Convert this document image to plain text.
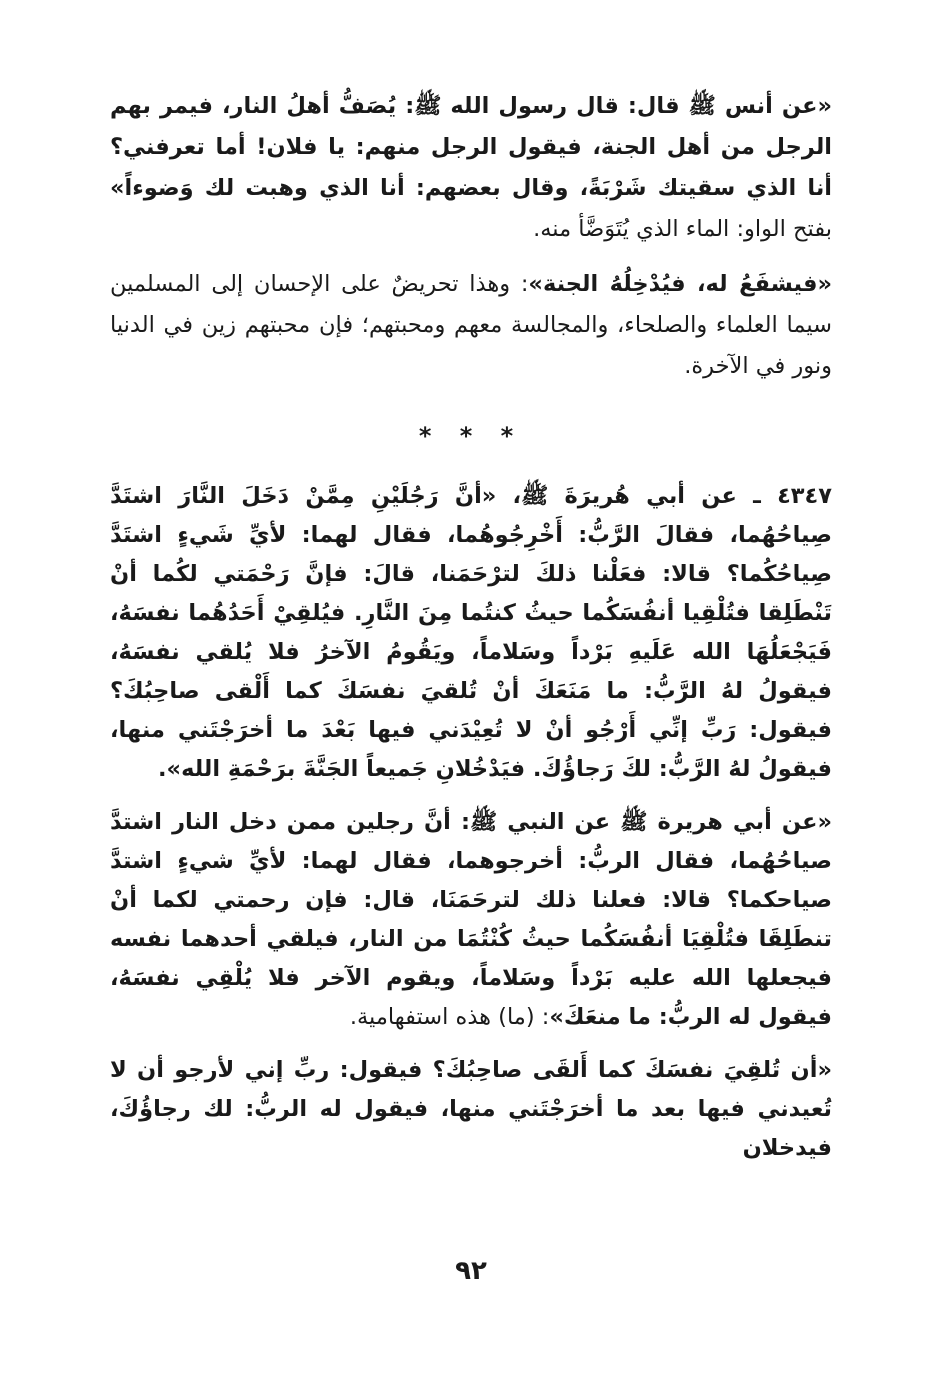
«عن أنس ﷺ قال: قال رسول الله ﷺ: يُصَفُّ أهلُ النار، فيمر بهم الرجل من أهل الجنة، فيقول الرجل منهم: يا فلان! أما تعرفني؟ أنا الذي سقيتك شَرْبَةً، وقال بعضهم: أنا الذي وهبت لك وَضوءاً» بفتح الواو: الماء الذي يُتَوَضَّأ منه.

«فيشفَعُ له، فيُدْخِلُهُ الجنة»: وهذا تحريضٌ على الإحسان إلى المسلمين سيما العلماء والصلحاء، والمجالسة معهم ومحبتهم؛ فإن محبتهم زين في الدنيا ونور في الآخرة.

* * *

٤٣٤٧ ـ عن أبي هُريرَةَ ﷺ، «أنَّ رَجُلَيْنِ مِمَّنْ دَخَلَ النَّارَ اشتَدَّ صِياحُهُما، فقالَ الرَّبُّ: أَخْرِجُوهُما، فقال لهما: لأيِّ شَيءٍ اشتَدَّ صِياحُكُما؟ قالا: فعَلْنا ذلكَ لترْحَمَنا، قالَ: فإنَّ رَحْمَتي لكُما أنْ تَنْطَلِقا فتُلْقِيا أنفُسَكُما حيثُ كنتُما مِنَ النَّارِ. فيُلقِيْ أَحَدُهُما نفسَهُ، فَيَجْعَلُهَا الله عَلَيهِ بَرْداً وسَلاماً، ويَقُومُ الآخرُ فلا يُلقي نفسَهُ، فيقولُ لهُ الرَّبُّ: ما مَنَعَكَ أنْ تُلقيَ نفسَكَ كما أَلْقى صاحِبُكَ؟ فيقول: رَبِّ إنِّي أَرْجُو أنْ لا تُعِيْدَني فيها بَعْدَ ما أخرَجْتَني منها، فيقولُ لهُ الرَّبُّ: لكَ رَجاؤُكَ. فيَدْخُلانِ جَميعاً الجَنَّةَ برَحْمَةِ الله».

«عن أبي هريرة ﷺ عن النبي ﷺ: أنَّ رجلين ممن دخل النار اشتدَّ صياحُهُما، فقال الربُّ: أخرجوهما، فقال لهما: لأيِّ شيءٍ اشتدَّ صياحكما؟ قالا: فعلنا ذلك لترحَمَنَا، قال: فإن رحمتي لكما أنْ تنطَلِقَا فتُلْقِيَا أنفُسَكُما حيثُ كُنْتُمَا من النار، فيلقي أحدهما نفسه فيجعلها الله عليه بَرْداً وسَلاماً، ويقوم الآخر فلا يُلْقِي نفسَهُ، فيقول له الربُّ: ما منعَكَ»: (ما) هذه استفهامية.

«أن تُلقِيَ نفسَكَ كما أَلقَى صاحِبُكَ؟ فيقول: ربِّ إني لأرجو أن لا تُعيدني فيها بعد ما أخرَجْتَني منها، فيقول له الربُّ: لك رجاؤُكَ، فيدخلان

٩٢
